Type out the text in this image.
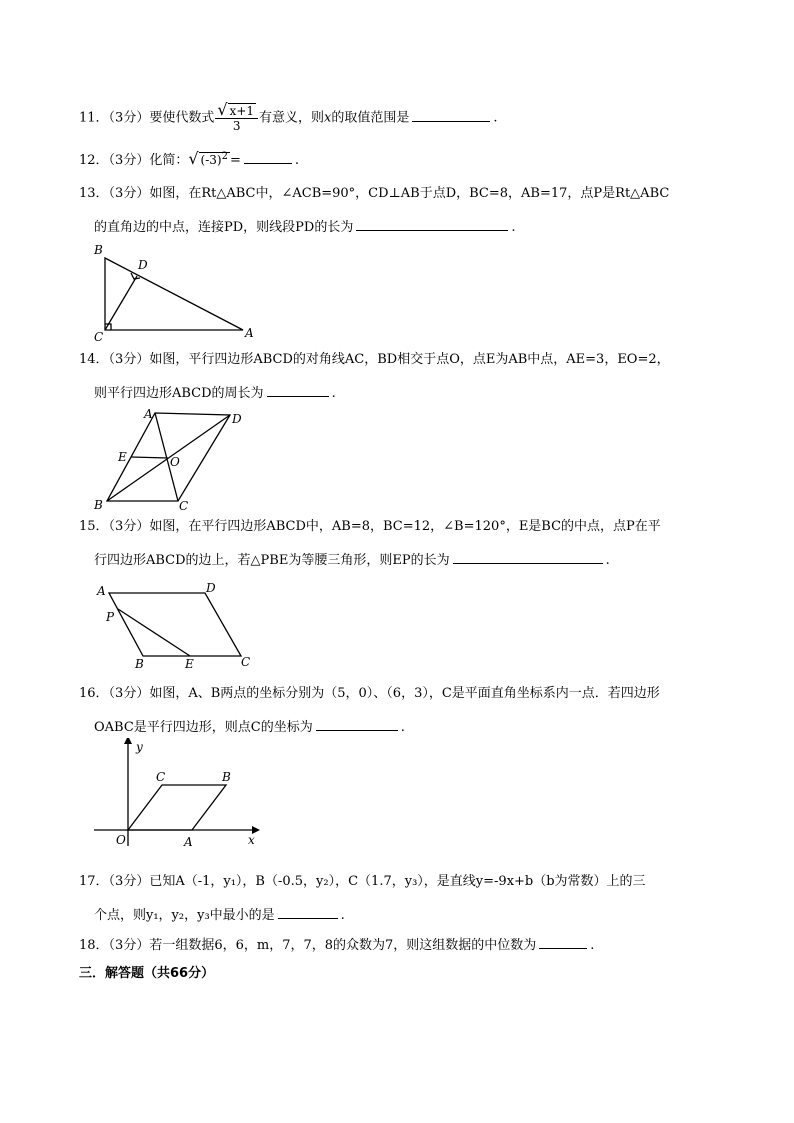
11．（3分）要使代数式 $\frac{√ x+1}{3}$ 有意义，则x的取值范围是	.
12．（3分）化简：√ $(-3)^2$ =	.
13．（3分）如图，在Rt△ABC中，∠ACB=90°，CD⊥AB于点D，BC=8，AB=17，点P是Rt△ABC
的直角边的中点，连接PD，则线段PD的长为	.
B
D
C	A
14．（3分）如图，平行四边形ABCD的对角线AC，BD相交于点O，点E为AB中点，AE=3，EO=2，
则平行四边形ABCD的周长为	.
A	D
E	O
B	C
15．（3分）如图，在平行四边形ABCD中，AB=8，BC=12，∠B=120°，E是BC的中点，点P在平
行四边形ABCD的边上，若△PBE为等腰三角形，则EP的长为	.
A	D
P
B	E	C
16．（3分）如图，A、B两点的坐标分别为（5，0）、（6，3），C是平面直角坐标系内一点．若四边形
OABC是平行四边形，则点C的坐标为	.
y
C	B
O	A	x
17．（3分）已知A（-1，y₁），B（-0.5，y₂），C（1.7，y₃），是直线y=-9x+b（b为常数）上的三
个点，则y₁，y₂，y₃中最小的是	.
18．（3分）若一组数据6，6，m，7，7，8的众数为7，则这组数据的中位数为	.
三．解答题（共66分）
